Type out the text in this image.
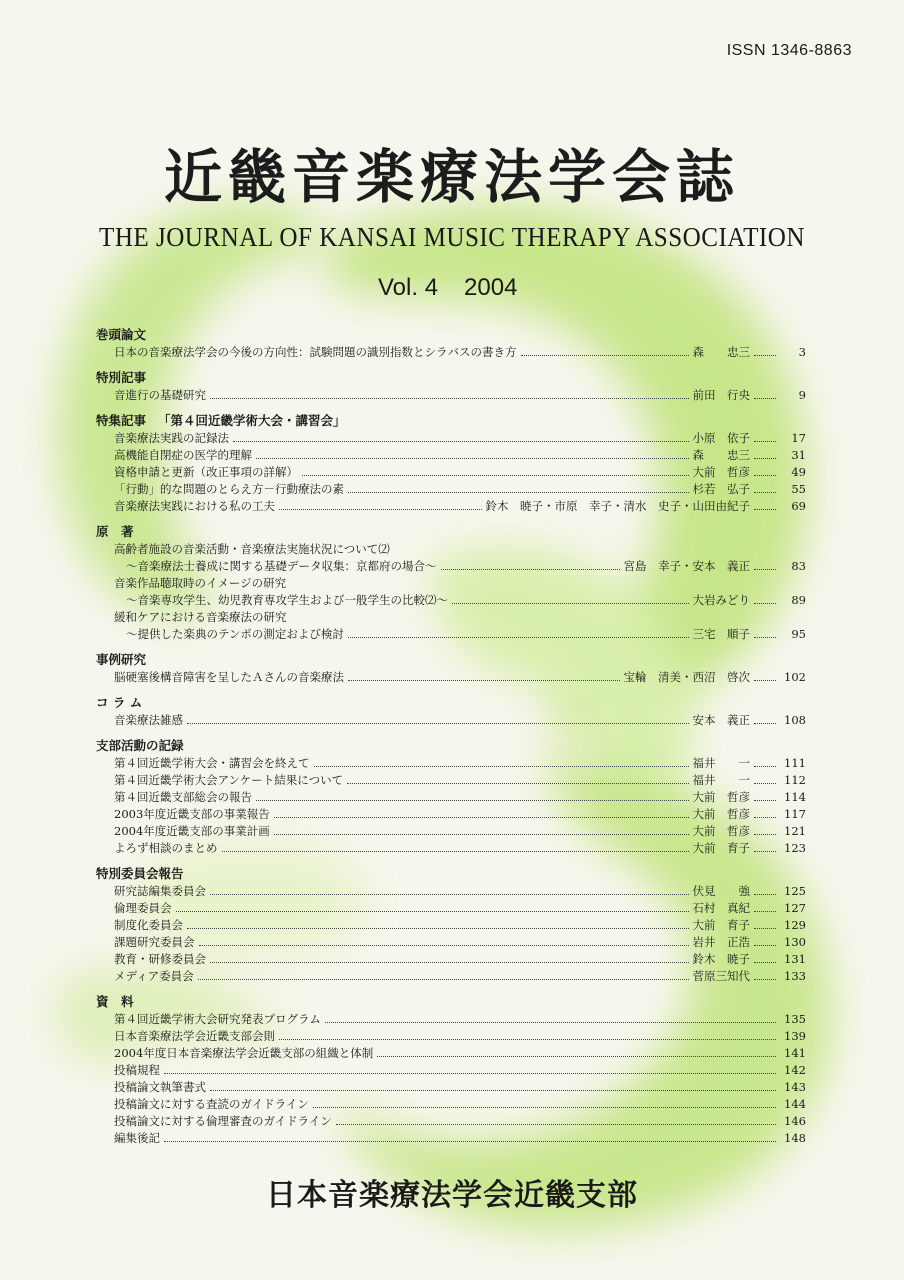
ISSN 1346-8863
近畿音楽療法学会誌
THE JOURNAL OF KANSAI MUSIC THERAPY ASSOCIATION
Vol. 4 2004
巻頭論文
日本の音楽療法学会の今後の方向性：試験問題の識別指数とシラバスの書き方	森　　忠三	3
特別記事
音進行の基礎研究	前田　行央	9
特集記事 「第４回近畿学術大会・講習会」
音楽療法実践の記録法	小原　依子	17
高機能自閉症の医学的理解	森　　忠三	31
資格申請と更新（改正事項の詳解）	大前　哲彦	49
「行動」的な問題のとらえ方－行動療法の素	杉若　弘子	55
音楽療法実践における私の工夫	鈴木　暁子・市原　幸子・清水　史子・山田由紀子	69
原　著
高齢者施設の音楽活動・音楽療法実施状況について⑵
～音楽療法士養成に関する基礎データ収集：京都府の場合～	宮島　幸子・安本　義正	83
音楽作品聴取時のイメージの研究
～音楽専攻学生、幼児教育専攻学生および一般学生の比較⑵～	大岩みどり	89
緩和ケアにおける音楽療法の研究
～提供した楽典のテンポの測定および検討	三宅　順子	95
事例研究
脳硬塞後構音障害を呈したＡさんの音楽療法	宝輪　清美・西沼　啓次	102
コ ラ ム
音楽療法雑感	安本　義正	108
支部活動の記録
第４回近畿学術大会・講習会を終えて	福井　　一	111
第４回近畿学術大会アンケート結果について	福井　　一	112
第４回近畿支部総会の報告	大前　哲彦	114
2003年度近畿支部の事業報告	大前　哲彦	117
2004年度近畿支部の事業計画	大前　哲彦	121
よろず相談のまとめ	大前　育子	123
特別委員会報告
研究誌編集委員会	伏見　　強	125
倫理委員会	石村　真紀	127
制度化委員会	大前　育子	129
課題研究委員会	岩井　正浩	130
教育・研修委員会	鈴木　暁子	131
メディア委員会	菅原三知代	133
資　料
第４回近畿学術大会研究発表プログラム	135
日本音楽療法学会近畿支部会則	139
2004年度日本音楽療法学会近畿支部の組織と体制	141
投稿規程	142
投稿論文執筆書式	143
投稿論文に対する査読のガイドライン	144
投稿論文に対する倫理審査のガイドライン	146
編集後記	148
日本音楽療法学会近畿支部
